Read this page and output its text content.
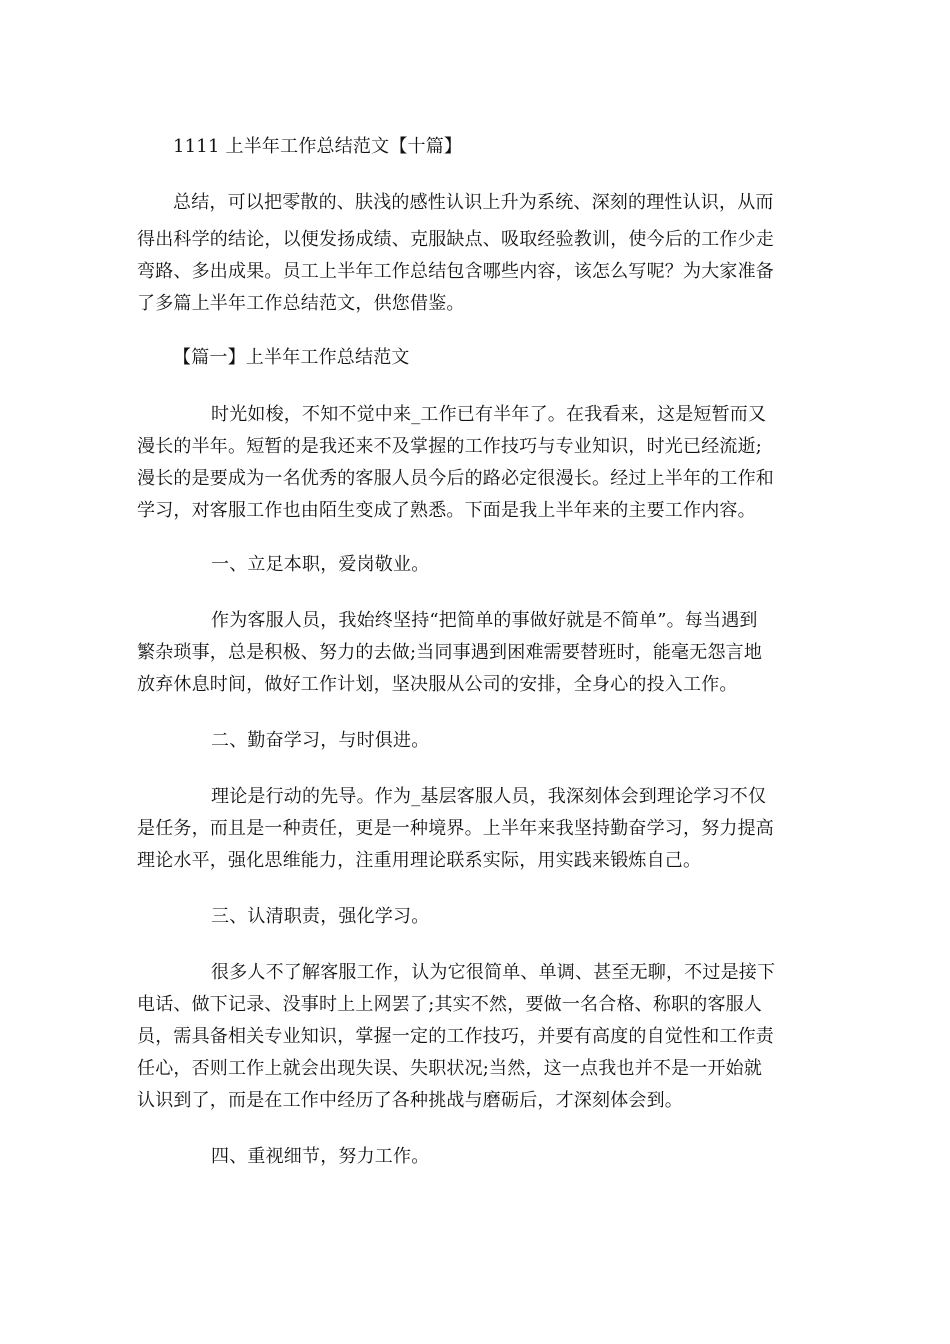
1111 上半年工作总结范文【十篇】
总结，可以把零散的、肤浅的感性认识上升为系统、深刻的理性认识，从而
得出科学的结论，以便发扬成绩、克服缺点、吸取经验教训，使今后的工作少走
弯路、多出成果。员工上半年工作总结包含哪些内容，该怎么写呢？为大家准备
了多篇上半年工作总结范文，供您借鉴。
【篇一】上半年工作总结范文
时光如梭，不知不觉中来_工作已有半年了。在我看来，这是短暂而又
漫长的半年。短暂的是我还来不及掌握的工作技巧与专业知识，时光已经流逝;
漫长的是要成为一名优秀的客服人员今后的路必定很漫长。经过上半年的工作和
学习，对客服工作也由陌生变成了熟悉。下面是我上半年来的主要工作内容。
一、立足本职，爱岗敬业。
作为客服人员，我始终坚持“把简单的事做好就是不简单”。每当遇到
繁杂琐事，总是积极、努力的去做;当同事遇到困难需要替班时，能毫无怨言地
放弃休息时间，做好工作计划，坚决服从公司的安排，全身心的投入工作。
二、勤奋学习，与时俱进。
理论是行动的先导。作为_基层客服人员，我深刻体会到理论学习不仅
是任务，而且是一种责任，更是一种境界。上半年来我坚持勤奋学习，努力提高
理论水平，强化思维能力，注重用理论联系实际，用实践来锻炼自己。
三、认清职责，强化学习。
很多人不了解客服工作，认为它很简单、单调、甚至无聊，不过是接下
电话、做下记录、没事时上上网罢了;其实不然，要做一名合格、称职的客服人
员，需具备相关专业知识，掌握一定的工作技巧，并要有高度的自觉性和工作责
任心，否则工作上就会出现失误、失职状况;当然，这一点我也并不是一开始就
认识到了，而是在工作中经历了各种挑战与磨砺后，才深刻体会到。
四、重视细节，努力工作。
